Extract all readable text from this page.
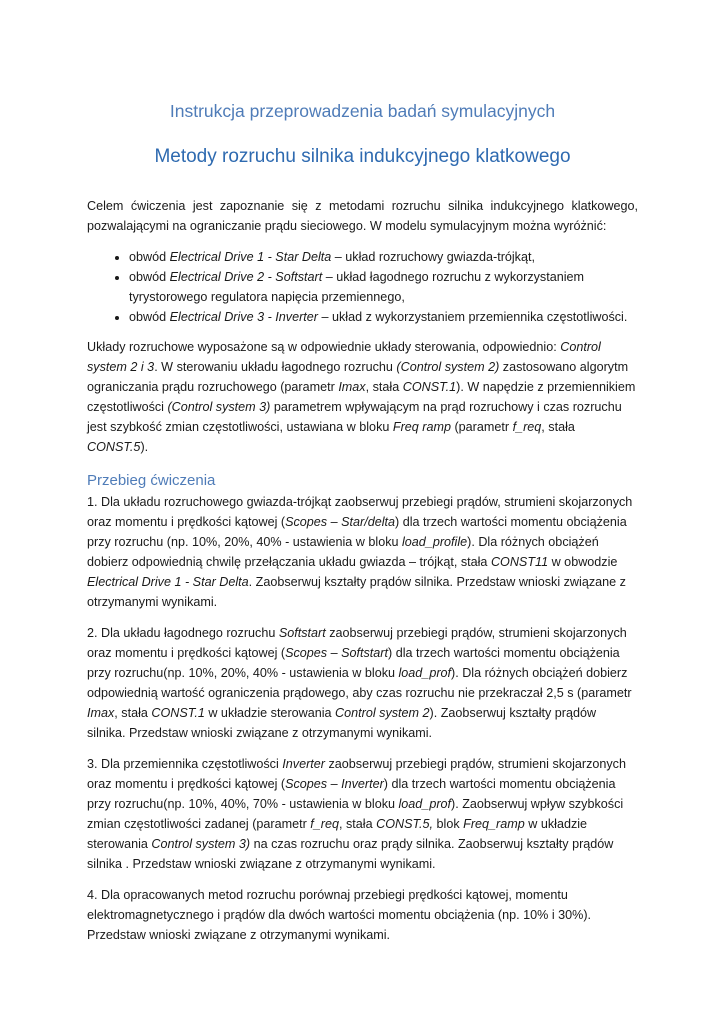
Instrukcja przeprowadzenia badań symulacyjnych
Metody rozruchu silnika indukcyjnego klatkowego

Celem ćwiczenia jest zapoznanie się z metodami rozruchu silnika indukcyjnego klatkowego, pozwalającymi na ograniczanie prądu sieciowego. W modelu symulacyjnym można wyróżnić:

• obwód Electrical Drive 1 - Star Delta – układ rozruchowy gwiazda-trójkąt,
• obwód Electrical Drive 2 - Softstart – układ łagodnego rozruchu z wykorzystaniem tyrystorowego regulatora napięcia przemiennego,
• obwód Electrical Drive 3 - Inverter – układ z wykorzystaniem przemiennika częstotliwości.

Układy rozruchowe wyposażone są w odpowiednie układy sterowania, odpowiednio: Control system 2 i 3. W sterowaniu układu łagodnego rozruchu (Control system 2) zastosowano algorytm ograniczania prądu rozruchowego (parametr Imax, stała CONST.1). W napędzie z przemiennikiem częstotliwości (Control system 3) parametrem wpływającym na prąd rozruchowy i czas rozruchu jest szybkość zmian częstotliwości, ustawiana w bloku Freq ramp (parametr f_req, stała CONST.5).

Przebieg ćwiczenia

1. Dla układu rozruchowego gwiazda-trójkąt zaobserwuj przebiegi prądów, strumieni skojarzonych oraz momentu i prędkości kątowej (Scopes – Star/delta) dla trzech wartości momentu obciążenia przy rozruchu (np. 10%, 20%, 40% - ustawienia w bloku load_profile). Dla różnych obciążeń dobierz odpowiednią chwilę przełączania układu gwiazda – trójkąt, stała CONST11 w obwodzie Electrical Drive 1 - Star Delta. Zaobserwuj kształty prądów silnika. Przedstaw wnioski związane z otrzymanymi wynikami.

2. Dla układu łagodnego rozruchu Softstart zaobserwuj przebiegi prądów, strumieni skojarzonych oraz momentu i prędkości kątowej (Scopes – Softstart) dla trzech wartości momentu obciążenia przy rozruchu(np. 10%, 20%, 40% - ustawienia w bloku load_prof). Dla różnych obciążeń dobierz odpowiednią wartość ograniczenia prądowego, aby czas rozruchu nie przekraczał 2,5 s (parametr Imax, stała CONST.1 w układzie sterowania Control system 2). Zaobserwuj kształty prądów silnika. Przedstaw wnioski związane z otrzymanymi wynikami.

3. Dla przemiennika częstotliwości Inverter zaobserwuj przebiegi prądów, strumieni skojarzonych oraz momentu i prędkości kątowej (Scopes – Inverter) dla trzech wartości momentu obciążenia przy rozruchu(np. 10%, 40%, 70% - ustawienia w bloku load_prof). Zaobserwuj wpływ szybkości zmian częstotliwości zadanej (parametr f_req, stała CONST.5, blok Freq_ramp w układzie sterowania Control system 3) na czas rozruchu oraz prądy silnika. Zaobserwuj kształty prądów silnika . Przedstaw wnioski związane z otrzymanymi wynikami.

4. Dla opracowanych metod rozruchu porównaj przebiegi prędkości kątowej, momentu elektromagnetycznego i prądów dla dwóch wartości momentu obciążenia (np. 10% i 30%). Przedstaw wnioski związane z otrzymanymi wynikami.
